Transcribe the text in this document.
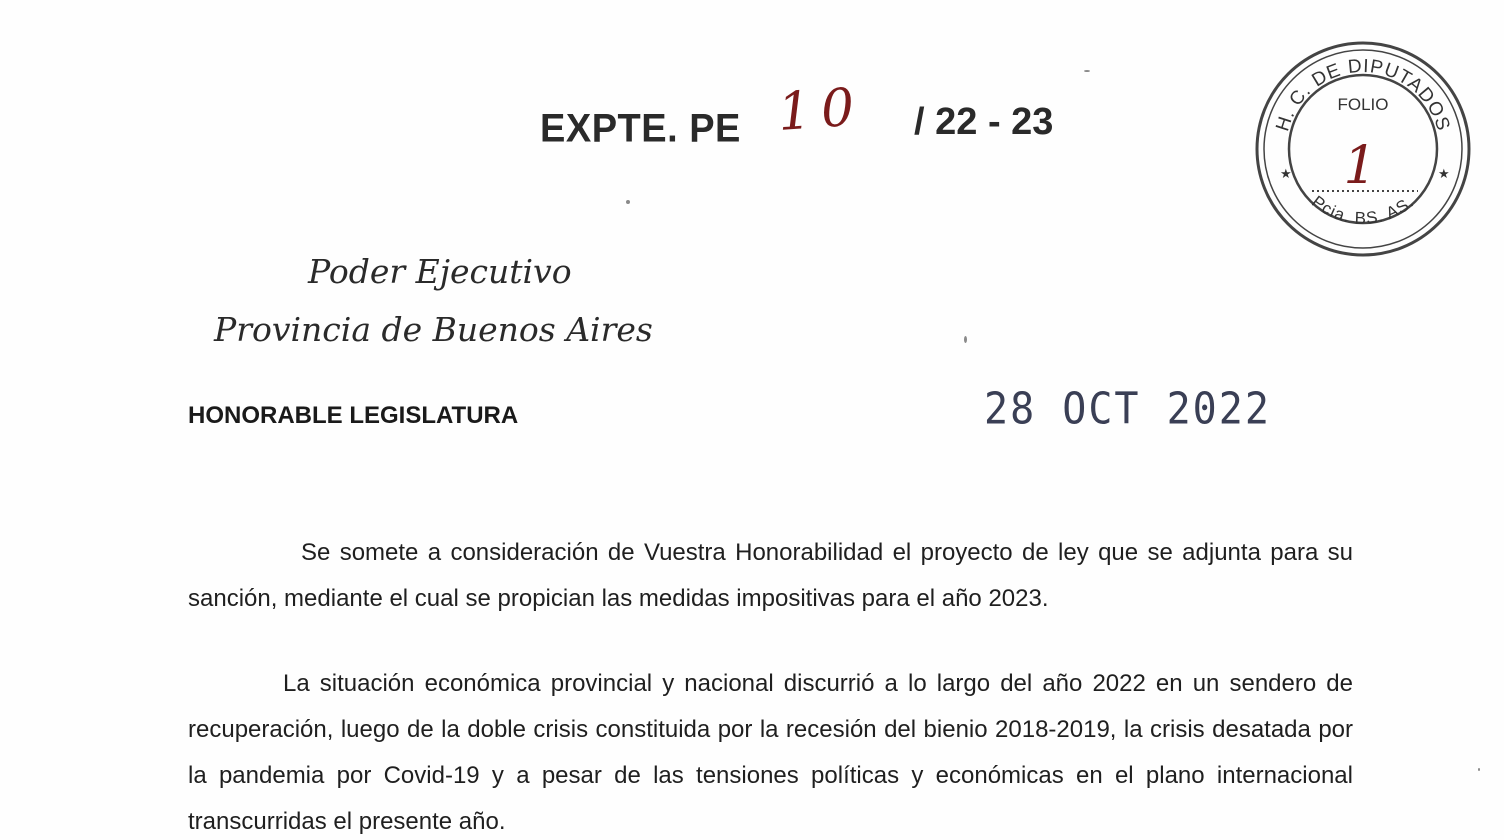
EXPTE. PE 10 / 22 - 23	H. C. DE DIPUTADOS
Pcia. BS. AS.
FOLIO
1
★	★
Poder Ejecutivo
Provincia de Buenos Aires
HONORABLE LEGISLATURA	28 OCT 2022

Se somete a consideración de Vuestra Honorabilidad el proyecto de ley que se adjunta para su sanción, mediante el cual se propician las medidas impositivas para el año 2023.

La situación económica provincial y nacional discurrió a lo largo del año 2022 en un sendero de recuperación, luego de la doble crisis constituida por la recesión del bienio 2018-2019, la crisis desatada por la pandemia por Covid-19 y a pesar de las tensiones políticas y económicas en el plano internacional transcurridas el presente año.
